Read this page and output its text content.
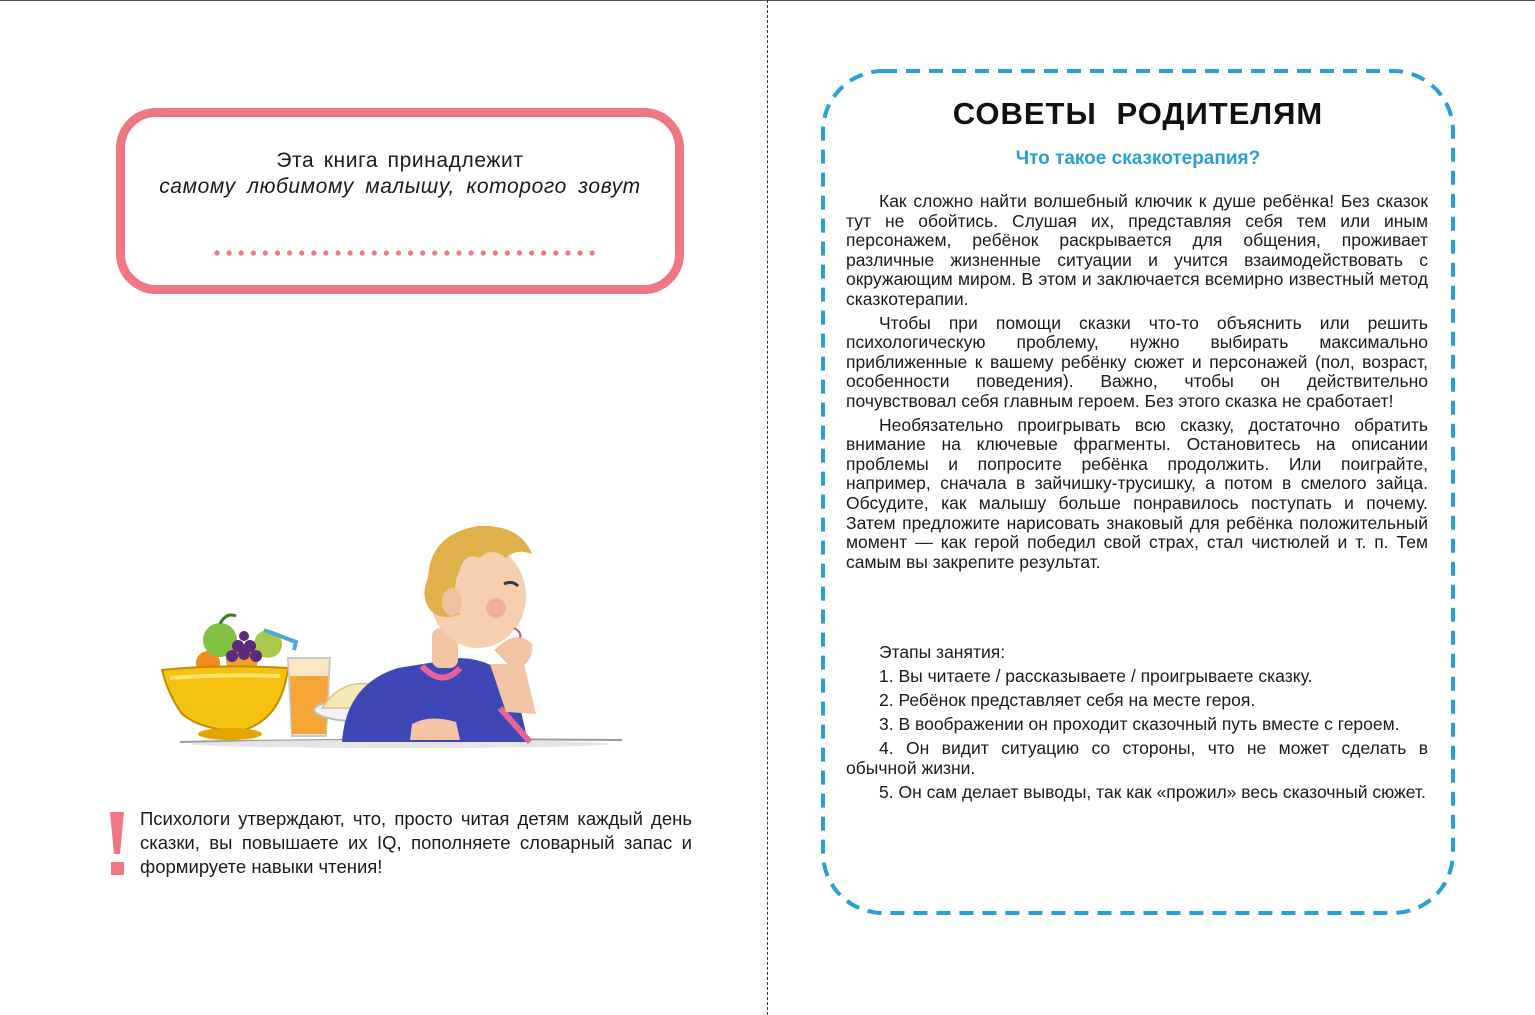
Эта книга принадлежит
самому любимому малышу, которого зовут

Психологи утверждают, что, просто читая детям каждый день сказки, вы повышаете их IQ, пополняете словарный запас и формируете навыки чтения!

СОВЕТЫ РОДИТЕЛЯМ
Что такое сказкотерапия?

Как сложно найти волшебный ключик к душе ребёнка! Без сказок тут не обойтись. Слушая их, представляя себя тем или иным персонажем, ребёнок раскрывается для общения, проживает различные жизненные ситуации и учится взаимодействовать с окружающим миром. В этом и заключается всемирно известный метод сказкотерапии.

Чтобы при помощи сказки что-то объяснить или решить психологическую проблему, нужно выбирать максимально приближенные к вашему ребёнку сюжет и персонажей (пол, возраст, особенности поведения). Важно, чтобы он действительно почувствовал себя главным героем. Без этого сказка не сработает!

Необязательно проигрывать всю сказку, достаточно обратить внимание на ключевые фрагменты. Остановитесь на описании проблемы и попросите ребёнка продолжить. Или поиграйте, например, сначала в зайчишку-трусишку, а потом в смелого зайца. Обсудите, как малышу больше понравилось поступать и почему. Затем предложите нарисовать знаковый для ребёнка положительный момент — как герой победил свой страх, стал чистюлей и т. п. Тем самым вы закрепите результат.

Этапы занятия:

1. Вы читаете / рассказываете / проигрываете сказку.

2. Ребёнок представляет себя на месте героя.

3. В воображении он проходит сказочный путь вместе с героем.

4. Он видит ситуацию со стороны, что не может сделать в обычной жизни.

5. Он сам делает выводы, так как «прожил» весь сказочный сюжет.
